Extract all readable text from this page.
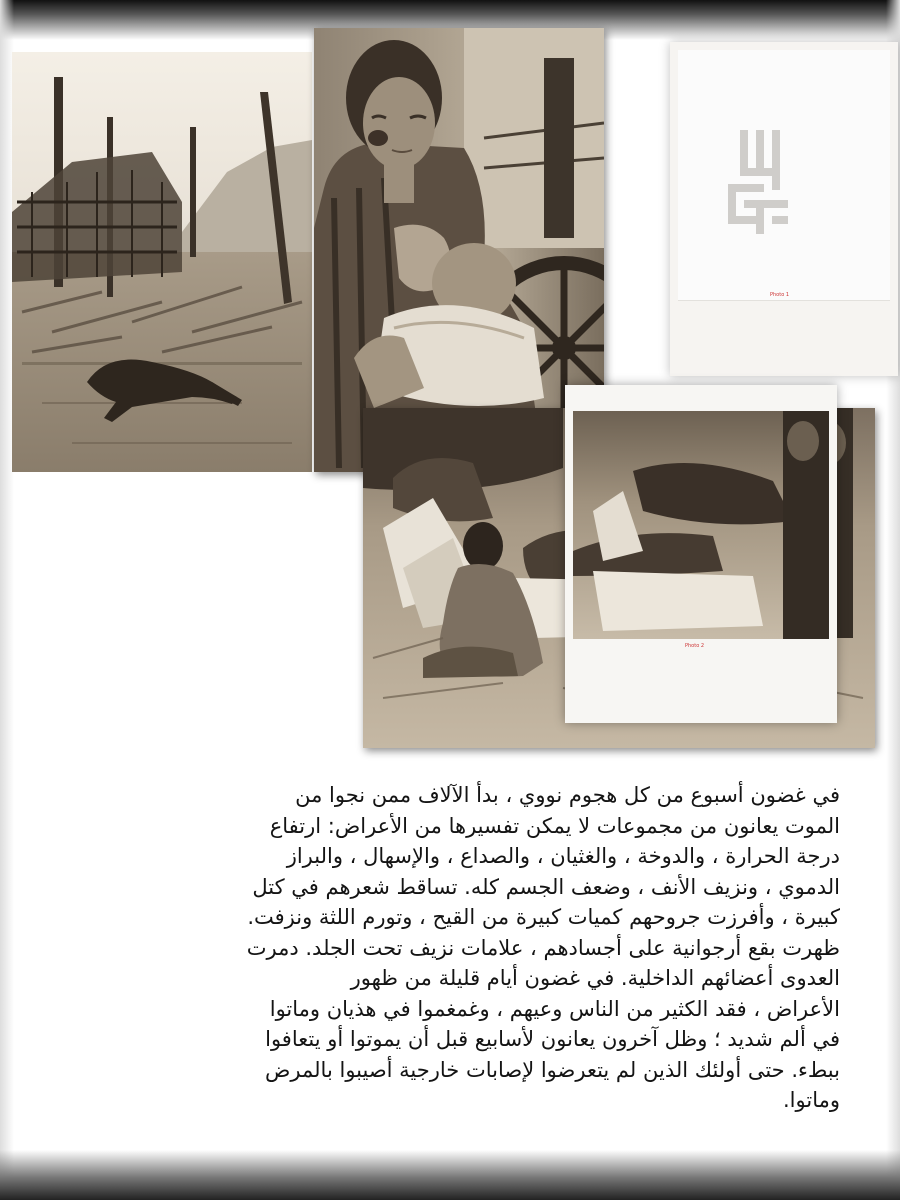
Photo 1
Photo 2
في غضون أسبوع من كل هجوم نووي ، بدأ الآلاف ممن نجوا من
الموت يعانون من مجموعات لا يمكن تفسيرها من الأعراض: ارتفاع
درجة الحرارة ، والدوخة ، والغثيان ، والصداع ، والإسهال ، والبراز
الدموي ، ونزيف الأنف ، وضعف الجسم كله. تساقط شعرهم في كتل
كبيرة ، وأفرزت جروحهم كميات كبيرة من القيح ، وتورم اللثة ونزفت.
ظهرت بقع أرجوانية على أجسادهم ، علامات نزيف تحت الجلد. دمرت
العدوى أعضائهم الداخلية. في غضون أيام قليلة من ظهور
الأعراض ، فقد الكثير من الناس وعيهم ، وغمغموا في هذيان وماتوا
في ألم شديد ؛ وظل آخرون يعانون لأسابيع قبل أن يموتوا أو يتعافوا
ببطء. حتى أولئك الذين لم يتعرضوا لإصابات خارجية أصيبوا بالمرض
وماتوا.
